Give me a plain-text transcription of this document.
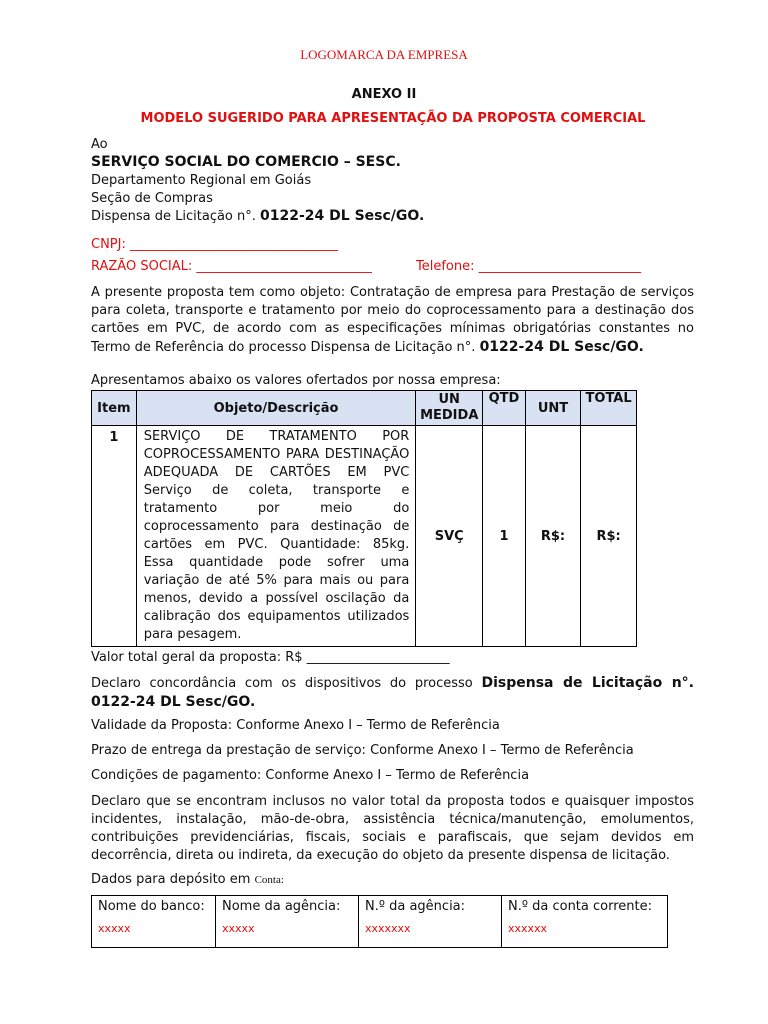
LOGOMARCA DA EMPRESA
ANEXO II
MODELO SUGERIDO PARA APRESENTAÇÃO DA PROPOSTA COMERCIAL
Ao
SERVIÇO SOCIAL DO COMERCIO – SESC.
Departamento Regional em Goiás
Seção de Compras
Dispensa de Licitação n°. 0122-24 DL Sesc/GO.
CNPJ: ________________________________
RAZÃO SOCIAL: ___________________________	Telefone: _________________________
A presente proposta tem como objeto: Contratação de empresa para Prestação de serviços para coleta, transporte e tratamento por meio do coprocessamento para a destinação dos cartões em PVC, de acordo com as especificações mínimas obrigatórias constantes no Termo de Referência do processo Dispensa de Licitação n°. 0122-24 DL Sesc/GO.
Apresentamos abaixo os valores ofertados por nossa empresa:
Item	Objeto/Descrição	UN MEDIDA	QTD	UNT	TOTAL
1	SERVIÇO DE TRATAMENTO POR COPROCESSAMENTO PARA DESTINAÇÃO ADEQUADA DE CARTÕES EM PVC Serviço de coleta, transporte e tratamento por meio do coprocessamento para destinação de cartões em PVC. Quantidade: 85kg. Essa quantidade pode sofrer uma variação de até 5% para mais ou para menos, devido a possível oscilação da calibração dos equipamentos utilizados para pesagem.	SVÇ	1	R$:	R$:
Valor total geral da proposta: R$ ______________________
Declaro concordância com os dispositivos do processo Dispensa de Licitação n°. 0122-24 DL Sesc/GO.
Validade da Proposta: Conforme Anexo I – Termo de Referência
Prazo de entrega da prestação de serviço: Conforme Anexo I – Termo de Referência
Condições de pagamento: Conforme Anexo I – Termo de Referência
Declaro que se encontram inclusos no valor total da proposta todos e quaisquer impostos incidentes, instalação, mão-de-obra, assistência técnica/manutenção, emolumentos, contribuições previdenciárias, fiscais, sociais e parafiscais, que sejam devidos em decorrência, direta ou indireta, da execução do objeto da presente dispensa de licitação.
Dados para depósito em Conta:
Nome do banco:
xxxxx
	Nome da agência:
xxxxx
	N.º da agência:
xxxxxxx
	N.º da conta corrente:
xxxxxx
